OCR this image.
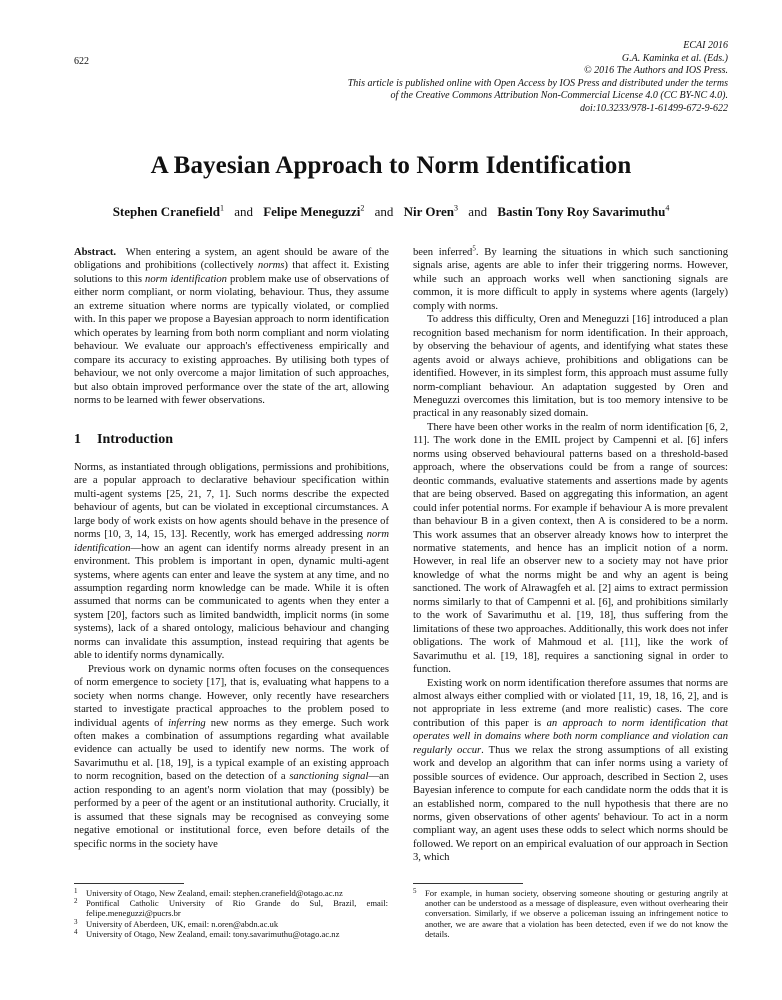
622
ECAI 2016
G.A. Kaminka et al. (Eds.)
© 2016 The Authors and IOS Press.
This article is published online with Open Access by IOS Press and distributed under the terms
of the Creative Commons Attribution Non-Commercial License 4.0 (CC BY-NC 4.0).
doi:10.3233/978-1-61499-672-9-622
A Bayesian Approach to Norm Identification
Stephen Cranefield$^1$ and Felipe Meneguzzi$^2$ and Nir Oren$^3$ and Bastin Tony Roy Savarimuthu$^4$

Abstract. When entering a system, an agent should be aware of the obligations and prohibitions (collectively norms) that affect it. Existing solutions to this norm identification problem make use of observations of either norm compliant, or norm violating, behaviour. Thus, they assume an extreme situation where norms are typically violated, or complied with. In this paper we propose a Bayesian approach to norm identification which operates by learning from both norm compliant and norm violating behaviour. We evaluate our approach's effectiveness empirically and compare its accuracy to existing approaches. By utilising both types of behaviour, we not only overcome a major limitation of such approaches, but also obtain improved performance over the state of the art, allowing norms to be learned with fewer observations.

1 Introduction

Norms, as instantiated through obligations, permissions and prohibitions, are a popular approach to declarative behaviour specification within multi-agent systems [25, 21, 7, 1]. Such norms describe the expected behaviour of agents, but can be violated in exceptional circumstances. A large body of work exists on how agents should behave in the presence of norms [10, 3, 14, 15, 13]. Recently, work has emerged addressing norm identification—how an agent can identify norms already present in an environment. This problem is important in open, dynamic multi-agent systems, where agents can enter and leave the system at any time, and no assumption regarding norm knowledge can be made. While it is often assumed that norms can be communicated to agents when they enter a system [20], factors such as limited bandwidth, implicit norms (in some systems), lack of a shared ontology, malicious behaviour and changing norms can invalidate this assumption, instead requiring that agents be able to identify norms dynamically.

Previous work on dynamic norms often focuses on the consequences of norm emergence to society [17], that is, evaluating what happens to a society when norms change. However, only recently have researchers started to investigate practical approaches to the problem posed to individual agents of inferring new norms as they emerge. Such work often makes a combination of assumptions regarding what available evidence can actually be used to identify new norms. The work of Savarimuthu et al. [18, 19], is a typical example of an existing approach to norm recognition, based on the detection of a sanctioning signal—an action responding to an agent's norm violation that may (possibly) be performed by a peer of the agent or an institutional authority. Crucially, it is assumed that these signals may be recognised as conveying some negative emotional or institutional force, even before details of the specific norms in the society have

been inferred$^5$. By learning the situations in which such sanctioning signals arise, agents are able to infer their triggering norms. However, while such an approach works well when sanctioning signals are common, it is more difficult to apply in systems where agents (largely) comply with norms.

To address this difficulty, Oren and Meneguzzi [16] introduced a plan recognition based mechanism for norm identification. In their approach, by observing the behaviour of agents, and identifying what states these agents avoid or always achieve, prohibitions and obligations can be identified. However, in its simplest form, this approach must assume fully norm-compliant behaviour. An adaptation suggested by Oren and Meneguzzi overcomes this limitation, but is too memory intensive to be practical in any reasonably sized domain.

There have been other works in the realm of norm identification [6, 2, 11]. The work done in the EMIL project by Campenni et al. [6] infers norms using observed behavioural patterns based on a threshold-based approach, where the observations could be from a range of sources: deontic commands, evaluative statements and assertions made by agents that are being observed. Based on aggregating this information, an agent could infer potential norms. For example if behaviour A is more prevalent than behaviour B in a given context, then A is considered to be a norm. This work assumes that an observer already knows how to interpret the normative statements, and hence has an implicit notion of a norm. However, in real life an observer new to a society may not have prior knowledge of what the norms might be and why an agent is being sanctioned. The work of Alrawagfeh et al. [2] aims to extract permission norms similarly to that of Campenni et al. [6], and prohibitions similarly to the work of Savarimuthu et al. [19, 18], thus suffering from the limitations of these two approaches. Additionally, this work does not infer obligations. The work of Mahmoud et al. [11], like the work of Savarimuthu et al. [19, 18], requires a sanctioning signal in order to function.

Existing work on norm identification therefore assumes that norms are almost always either complied with or violated [11, 19, 18, 16, 2], and is not appropriate in less extreme (and more realistic) cases. The core contribution of this paper is an approach to norm identification that operates well in domains where both norm compliance and violation can regularly occur. Thus we relax the strong assumptions of all existing work and develop an algorithm that can infer norms using a variety of possible sources of evidence. Our approach, described in Section 2, uses Bayesian inference to compute for each candidate norm the odds that it is an established norm, compared to the null hypothesis that there are no norms, given observations of other agents' behaviour. To act in a norm compliant way, an agent uses these odds to select which norms should be followed. We report on an empirical evaluation of our approach in Section 3, which

1 University of Otago, New Zealand, email: stephen.cranefield@otago.ac.nz

2 Pontifical Catholic University of Rio Grande do Sul, Brazil, email: felipe.meneguzzi@pucrs.br

3 University of Aberdeen, UK, email: n.oren@abdn.ac.uk

4 University of Otago, New Zealand, email: tony.savarimuthu@otago.ac.nz

5 For example, in human society, observing someone shouting or gesturing angrily at another can be understood as a message of displeasure, even without overhearing their conversation. Similarly, if we observe a policeman issuing an infringement notice to another, we are aware that a violation has been detected, even if we do not know the details.
